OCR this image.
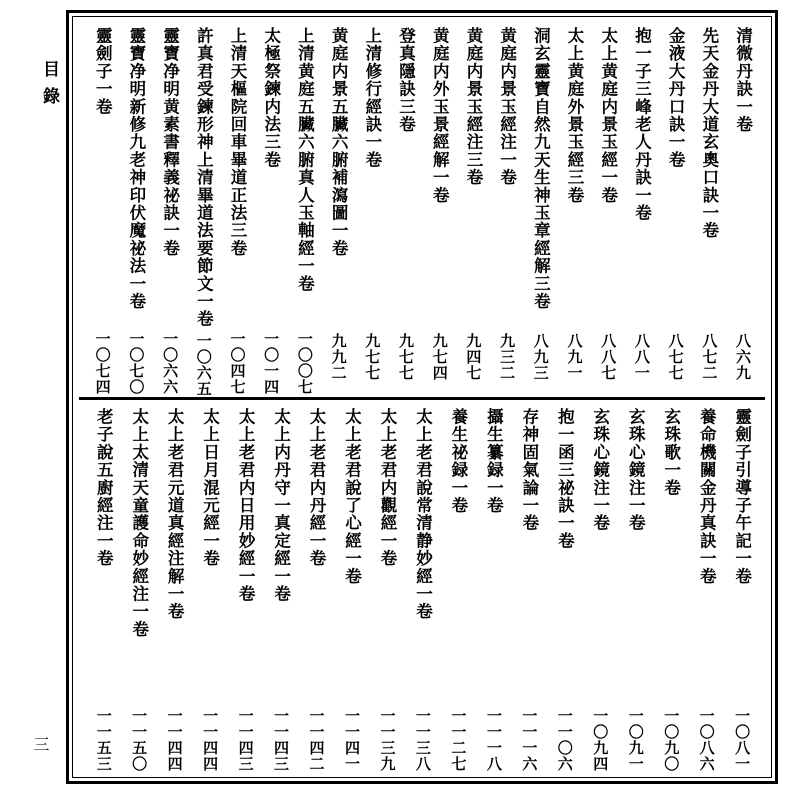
目錄
三
清微丹訣一卷
八六九
先天金丹大道玄奧口訣一卷
八七二
金液大丹口訣一卷
八七七
抱一子三峰老人丹訣一卷
八八一
太上黄庭内景玉經一卷
八八七
太上黄庭外景玉經三卷
八九一
洞玄靈寶自然九天生神玉章經解三卷
八九三
黄庭内景玉經注一卷
九三二
黄庭内景玉經注三卷
九四七
黄庭内外玉景經解一卷
九七四
登真隱訣三卷
九七七
上清修行經訣一卷
九七七
黄庭内景五臟六腑補瀉圖一卷
九九二
上清黄庭五臟六腑真人玉軸經一卷
一〇〇七
太極祭鍊内法三卷
一〇一四
上清天樞院回車畢道正法三卷
一〇四七
許真君受鍊形神上清畢道法要節文一卷
一〇六五
靈寶净明黄素書釋義祕訣一卷
一〇六六
靈寶净明新修九老神印伏魔祕法一卷
一〇七〇
靈劍子一卷
一〇七四
靈劍子引導子午記一卷
一〇八一
養命機關金丹真訣一卷
一〇八六
玄珠歌一卷
一〇九〇
玄珠心鏡注一卷
一〇九一
玄珠心鏡注一卷
一〇九四
抱一函三祕訣一卷
一一〇六
存神固氣論一卷
一一一六
攝生纂録一卷
一一一八
養生祕録一卷
一一二七
太上老君說常清静妙經一卷
一一三八
太上老君内觀經一卷
一一三九
太上老君說了心經一卷
一一四一
太上老君内丹經一卷
一一四二
太上内丹守一真定經一卷
一一四三
太上老君内日用妙經一卷
一一四三
太上日月混元經一卷
一一四四
太上老君元道真經注解一卷
一一四四
太上太清天童護命妙經注一卷
一一五〇
老子說五廚經注一卷
一一五三
